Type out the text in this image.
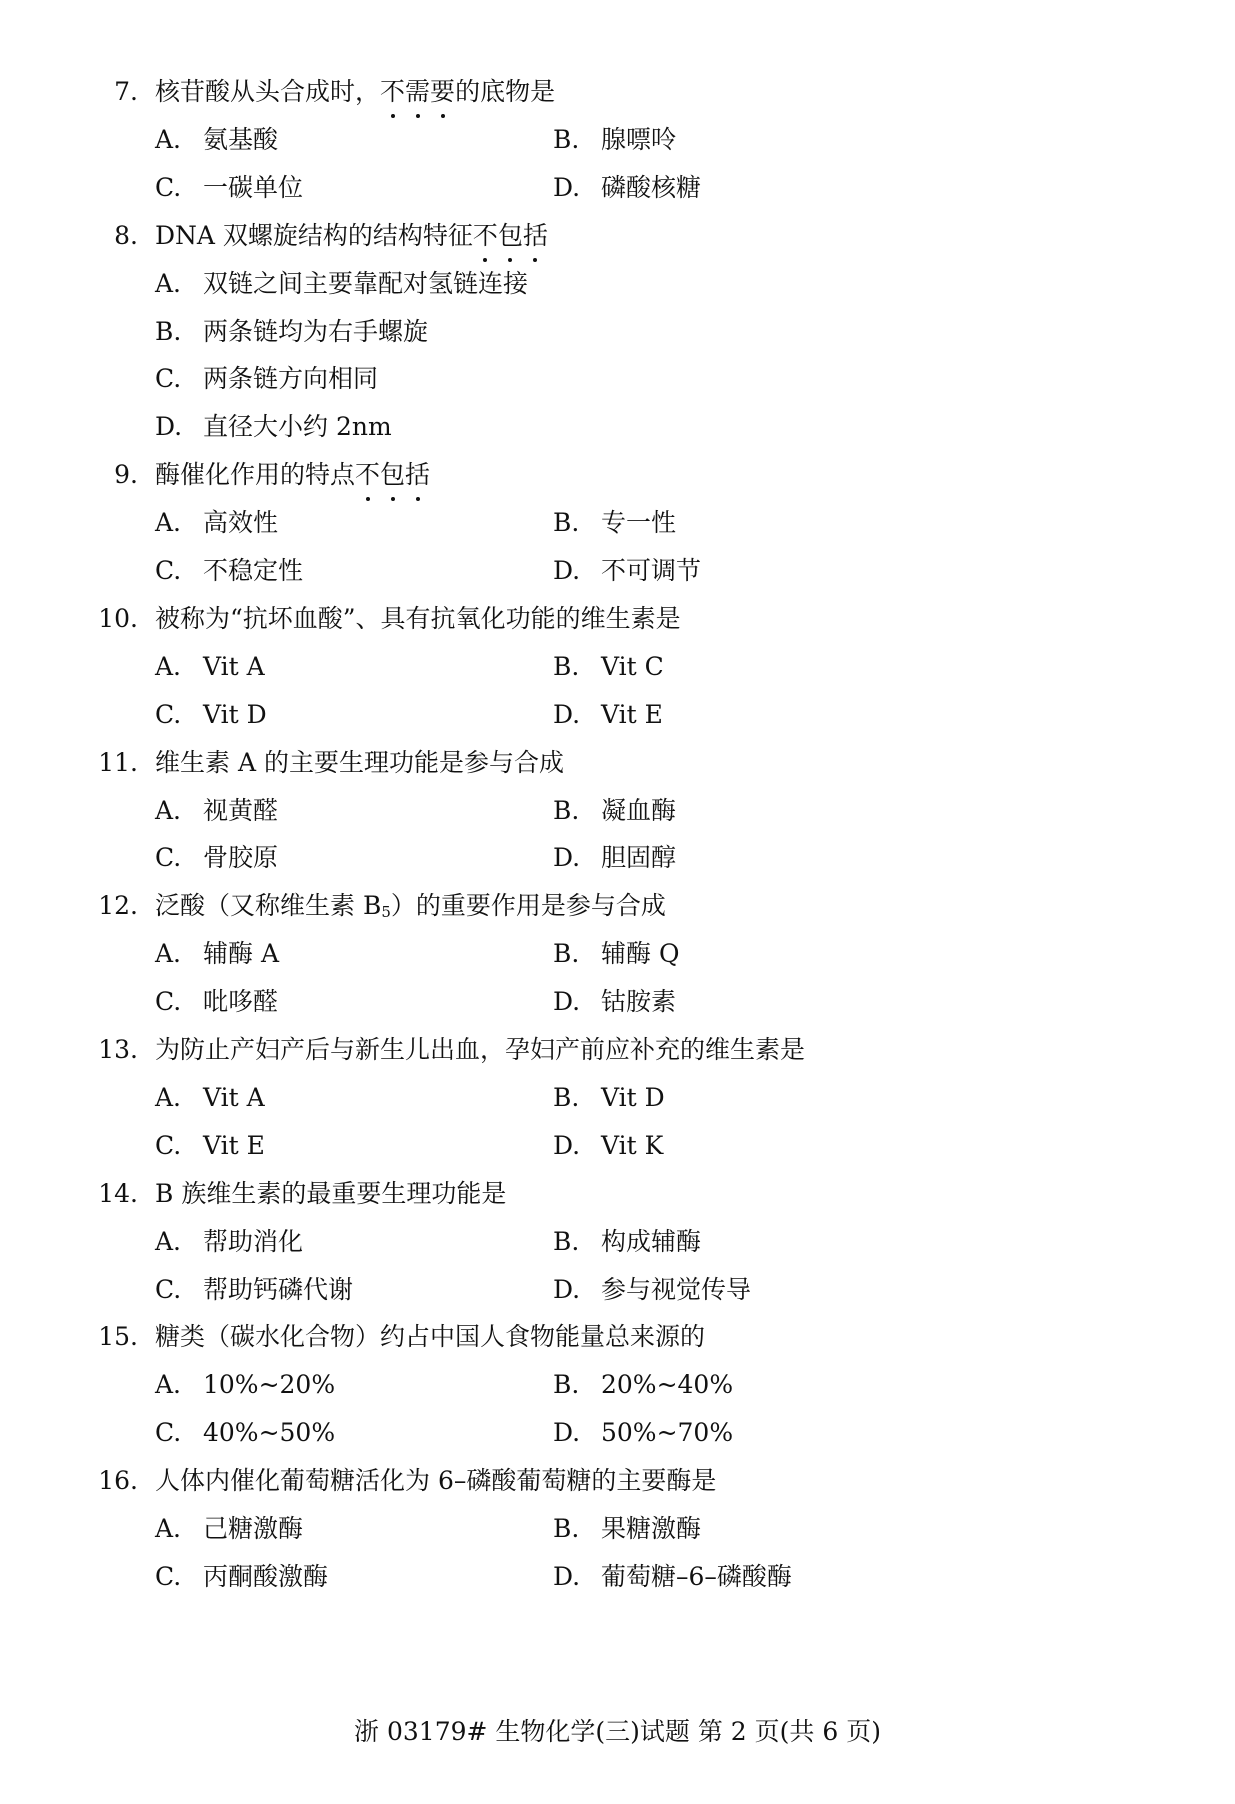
7. 核苷酸从头合成时，不需要的底物是
A. 氨基酸	B. 腺嘌呤
C. 一碳单位	D. 磷酸核糖
8. DNA 双螺旋结构的结构特征不包括
A. 双链之间主要靠配对氢链连接
B. 两条链均为右手螺旋
C. 两条链方向相同
D. 直径大小约 2nm
9. 酶催化作用的特点不包括
A. 高效性	B. 专一性
C. 不稳定性	D. 不可调节
10. 被称为“抗坏血酸”、具有抗氧化功能的维生素是
A. Vit A	B. Vit C
C. Vit D	D. Vit E
11. 维生素 A 的主要生理功能是参与合成
A. 视黄醛	B. 凝血酶
C. 骨胶原	D. 胆固醇
12. 泛酸（又称维生素 $B_5$）的重要作用是参与合成
A. 辅酶 A	B. 辅酶 Q
C. 吡哆醛	D. 钴胺素
13. 为防止产妇产后与新生儿出血，孕妇产前应补充的维生素是
A. Vit A	B. Vit D
C. Vit E	D. Vit K
14. B 族维生素的最重要生理功能是
A. 帮助消化	B. 构成辅酶
C. 帮助钙磷代谢	D. 参与视觉传导
15. 糖类（碳水化合物）约占中国人食物能量总来源的
A. 10%~20%	B. 20%~40%
C. 40%~50%	D. 50%~70%
16. 人体内催化葡萄糖活化为 6–磷酸葡萄糖的主要酶是
A. 己糖激酶	B. 果糖激酶
C. 丙酮酸激酶	D. 葡萄糖–6–磷酸酶
浙 03179# 生物化学(三)试题 第 2 页(共 6 页)
